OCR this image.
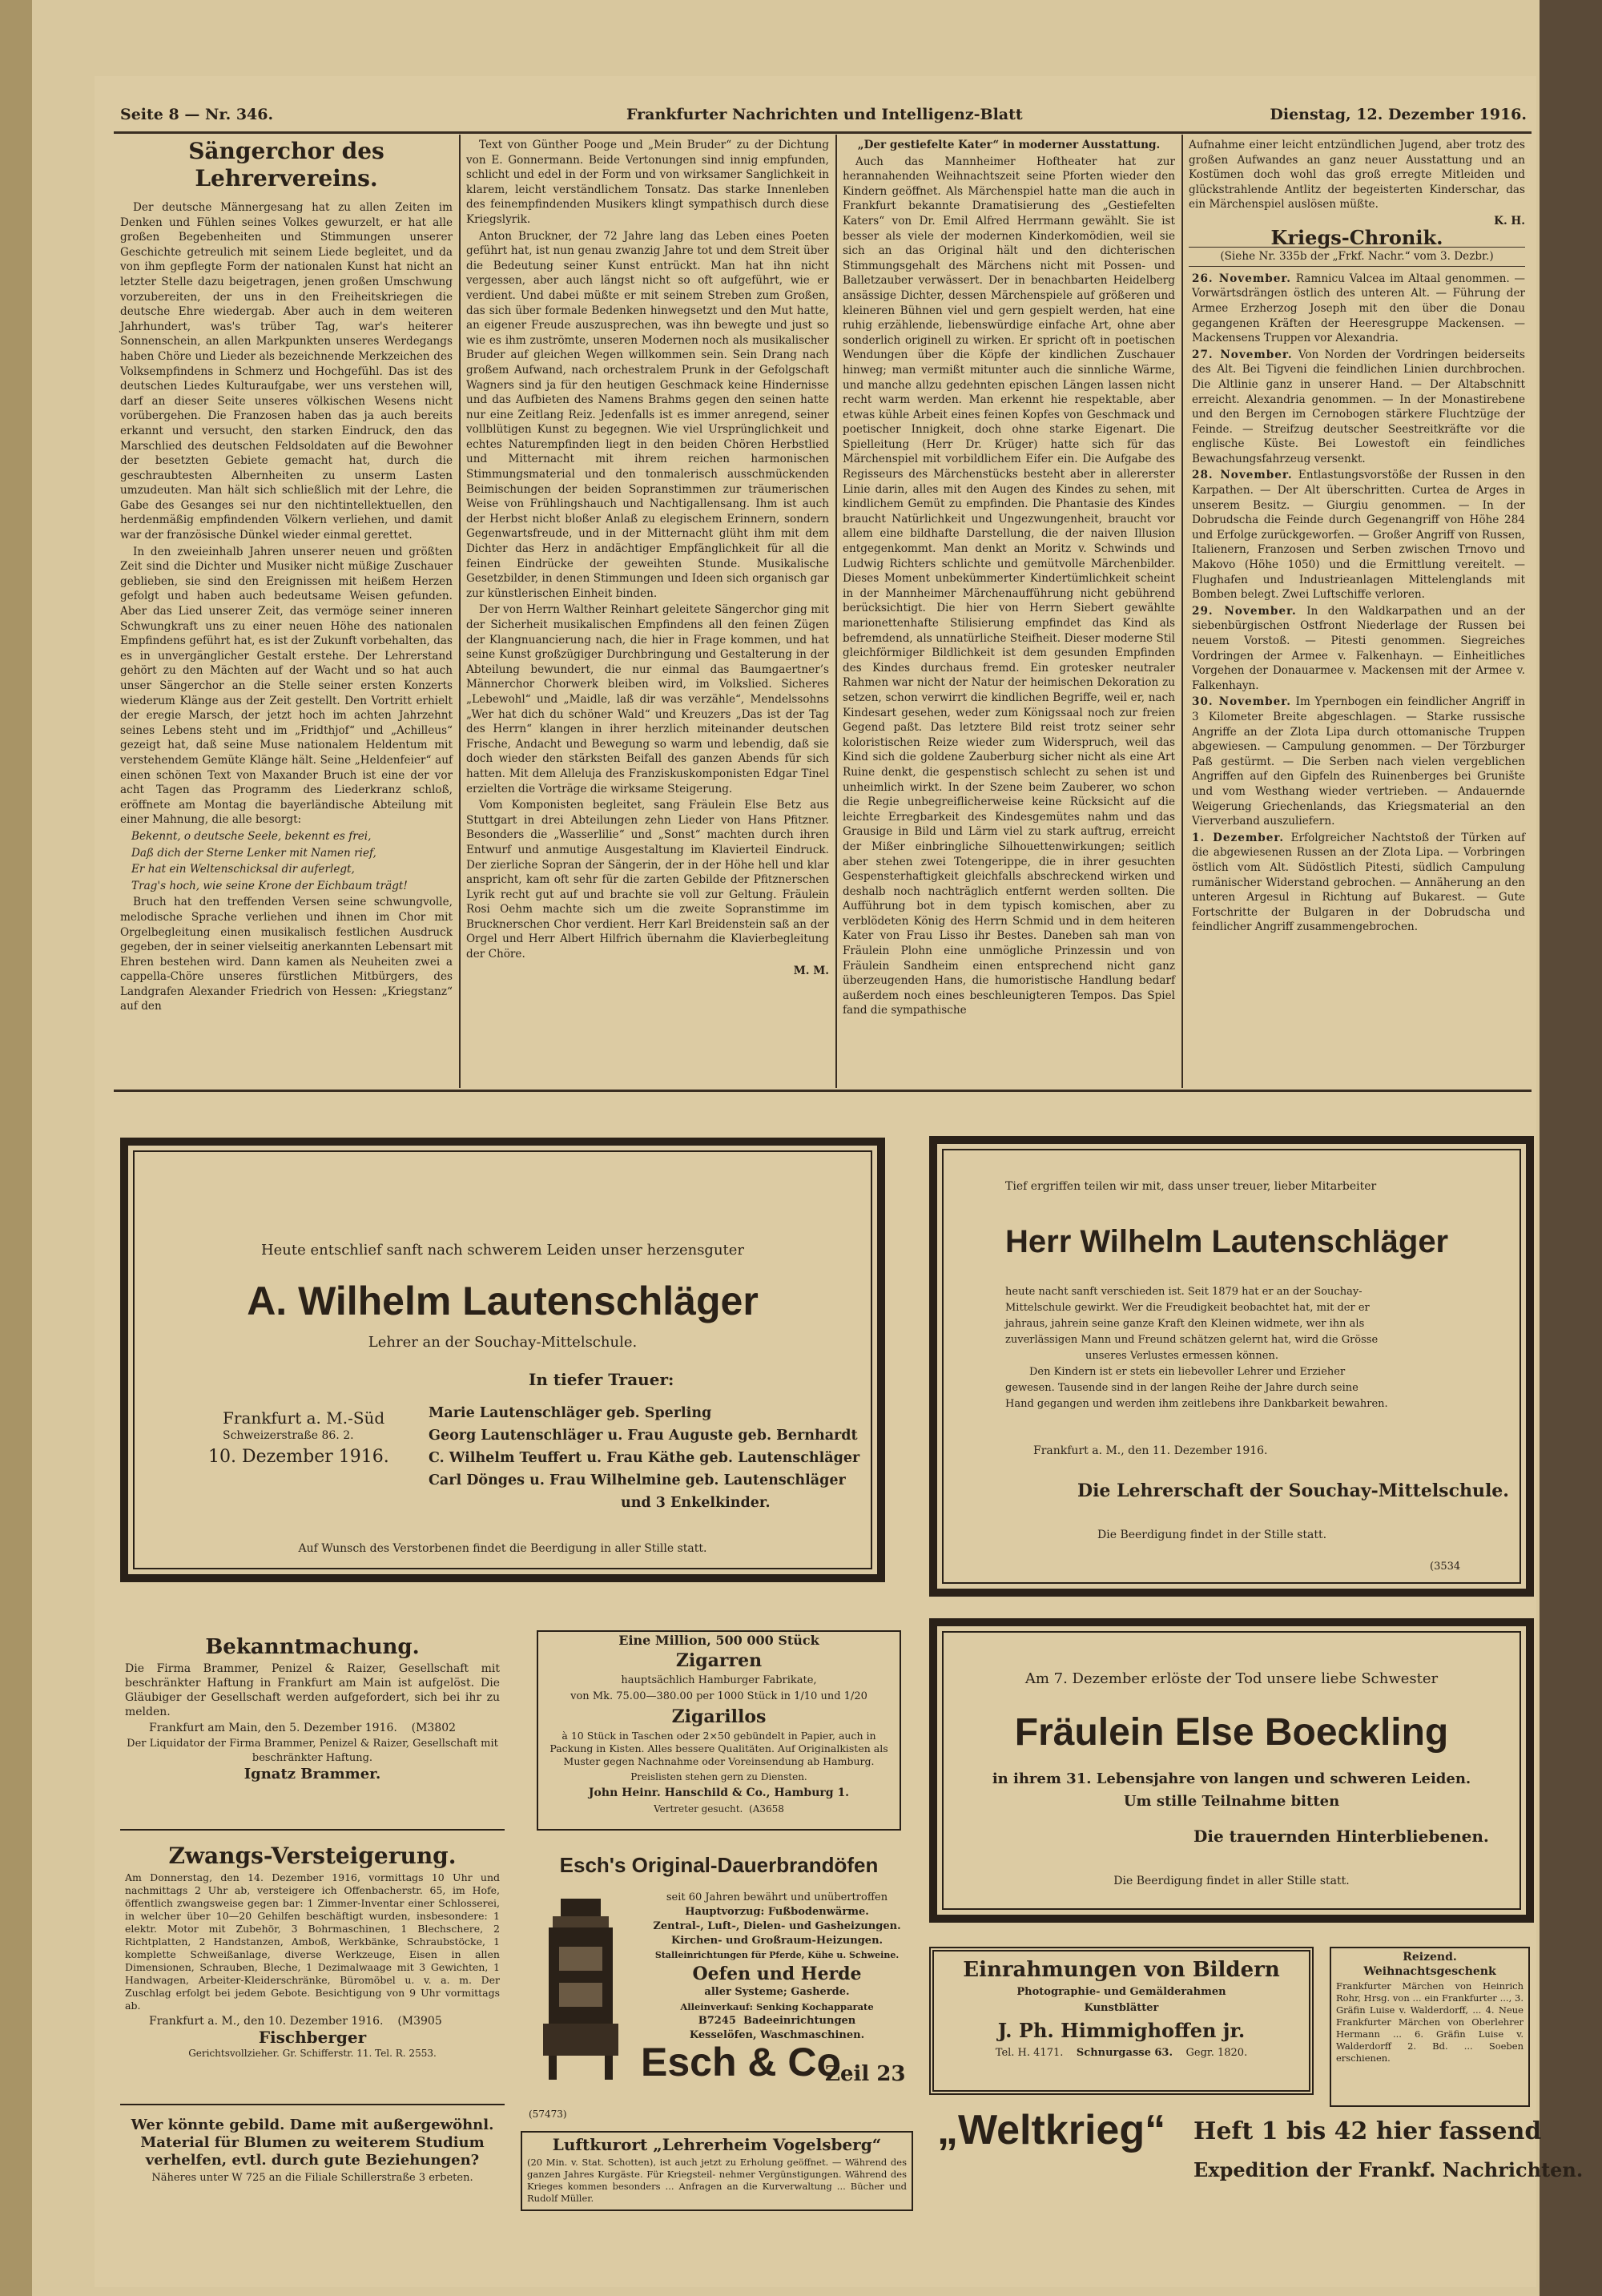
Seite 8 — Nr. 346.	Frankfurter Nachrichten und Intelligenz-Blatt	Dienstag, 12. Dezember 1916.
Sängerchor des Lehrervereins.

Der deutsche Männergesang hat zu allen Zeiten im Denken und Fühlen seines Volkes gewurzelt, er hat alle großen Begebenheiten und Stimmungen unserer Geschichte getreulich mit seinem Liede begleitet, und da von ihm gepflegte Form der nationalen Kunst hat nicht an letzter Stelle dazu beigetragen, jenen großen Umschwung vorzubereiten, der uns in den Freiheitskriegen die deutsche Ehre wiedergab. Aber auch in dem weiteren Jahrhundert, was's trüber Tag, war's heiterer Sonnenschein, an allen Markpunkten unseres Werdegangs haben Chöre und Lieder als bezeichnende Merkzeichen des Volksempfindens in Schmerz und Hochgefühl. Das ist des deutschen Liedes Kulturaufgabe, wer uns verstehen will, darf an dieser Seite unseres völkischen Wesens nicht vorübergehen. Die Franzosen haben das ja auch bereits erkannt und versucht, den starken Eindruck, den das Marschlied des deutschen Feldsoldaten auf die Bewohner der besetzten Gebiete gemacht hat, durch die geschraubtesten Albernheiten zu unserm Lasten umzudeuten. Man hält sich schließlich mit der Lehre, die Gabe des Gesanges sei nur den nichtintellektuellen, den herdenmäßig empfindenden Völkern verliehen, und damit war der französische Dünkel wieder einmal gerettet.

In den zweieinhalb Jahren unserer neuen und größten Zeit sind die Dichter und Musiker nicht müßige Zuschauer geblieben, sie sind den Ereignissen mit heißem Herzen gefolgt und haben auch bedeutsame Weisen gefunden. Aber das Lied unserer Zeit, das vermöge seiner inneren Schwungkraft uns zu einer neuen Höhe des nationalen Empfindens geführt hat, es ist der Zukunft vorbehalten, das es in unvergänglicher Gestalt erstehe. Der Lehrerstand gehört zu den Mächten auf der Wacht und so hat auch unser Sängerchor an die Stelle seiner ersten Konzerts wiederum Klänge aus der Zeit gestellt. Den Vortritt erhielt der eregie Marsch, der jetzt hoch im achten Jahrzehnt seines Lebens steht und im „Fridthjof“ und „Achilleus“ gezeigt hat, daß seine Muse nationalem Heldentum mit verstehendem Gemüte Klänge hält. Seine „Heldenfeier“ auf einen schönen Text von Maxander Bruch ist eine der vor acht Tagen das Programm des Liederkranz schloß, eröffnete am Montag die bayerländische Abteilung mit einer Mahnung, die alle besorgt:

Bekennt, o deutsche Seele, bekennt es frei,

Daß dich der Sterne Lenker mit Namen rief,

Er hat ein Weltenschicksal dir auferlegt,

Trag's hoch, wie seine Krone der Eichbaum trägt!

Bruch hat den treffenden Versen seine schwungvolle, melodische Sprache verliehen und ihnen im Chor mit Orgelbegleitung einen musikalisch festlichen Ausdruck gegeben, der in seiner vielseitig anerkannten Lebensart mit Ehren bestehen wird. Dann kamen als Neuheiten zwei a cappella-Chöre unseres fürstlichen Mitbürgers, des Landgrafen Alexander Friedrich von Hessen: „Kriegstanz“ auf den

Text von Günther Pooge und „Mein Bruder“ zu der Dichtung von E. Gonnermann. Beide Vertonungen sind innig empfunden, schlicht und edel in der Form und von wirksamer Sanglichkeit in klarem, leicht verständlichem Tonsatz. Das starke Innenleben des feinempfindenden Musikers klingt sympathisch durch diese Kriegslyrik.

Anton Bruckner, der 72 Jahre lang das Leben eines Poeten geführt hat, ist nun genau zwanzig Jahre tot und dem Streit über die Bedeutung seiner Kunst entrückt. Man hat ihn nicht vergessen, aber auch längst nicht so oft aufgeführt, wie er verdient. Und dabei müßte er mit seinem Streben zum Großen, das sich über formale Bedenken hinwegsetzt und den Mut hatte, an eigener Freude auszusprechen, was ihn bewegte und just so wie es ihm zuströmte, unseren Modernen noch als musikalischer Bruder auf gleichen Wegen willkommen sein. Sein Drang nach großem Aufwand, nach orchestralem Prunk in der Gefolgschaft Wagners sind ja für den heutigen Geschmack keine Hindernisse und das Aufbieten des Namens Brahms gegen den seinen hatte nur eine Zeitlang Reiz. Jedenfalls ist es immer anregend, seiner vollblütigen Kunst zu begegnen. Wie viel Ursprünglichkeit und echtes Naturempfinden liegt in den beiden Chören Herbstlied und Mitternacht mit ihrem reichen harmonischen Stimmungsmaterial und den tonmalerisch ausschmückenden Beimischungen der beiden Sopranstimmen zur träumerischen Weise von Frühlingshauch und Nachtigallensang. Ihm ist auch der Herbst nicht bloßer Anlaß zu elegischem Erinnern, sondern Gegenwartsfreude, und in der Mitternacht glüht ihm mit dem Dichter das Herz in andächtiger Empfänglichkeit für all die feinen Eindrücke der geweihten Stunde. Musikalische Gesetzbilder, in denen Stimmungen und Ideen sich organisch gar zur künstlerischen Einheit binden.

Der von Herrn Walther Reinhart geleitete Sängerchor ging mit der Sicherheit musikalischen Empfindens all den feinen Zügen der Klangnuancierung nach, die hier in Frage kommen, und hat seine Kunst großzügiger Durchbringung und Gestalterung in der Abteilung bewundert, die nur einmal das Baumgaertner’s Männerchor Chorwerk bleiben wird, im Volkslied. Sicheres „Lebewohl“ und „Maidle, laß dir was verzähle“, Mendelssohns „Wer hat dich du schöner Wald“ und Kreuzers „Das ist der Tag des Herrn“ klangen in ihrer herzlich miteinander deutschen Frische, Andacht und Bewegung so warm und lebendig, daß sie doch wieder den stärksten Beifall des ganzen Abends für sich hatten. Mit dem Alleluja des Franziskuskomponisten Edgar Tinel erzielten die Vorträge die wirksame Steigerung.

Vom Komponisten begleitet, sang Fräulein Else Betz aus Stuttgart in drei Abteilungen zehn Lieder von Hans Pfitzner. Besonders die „Wasserlilie“ und „Sonst“ machten durch ihren Entwurf und anmutige Ausgestaltung im Klavierteil Eindruck. Der zierliche Sopran der Sängerin, der in der Höhe hell und klar anspricht, kam oft sehr für die zarten Gebilde der Pfitznerschen Lyrik recht gut auf und brachte sie voll zur Geltung. Fräulein Rosi Oehm machte sich um die zweite Sopranstimme im Brucknerschen Chor verdient. Herr Karl Breidenstein saß an der Orgel und Herr Albert Hilfrich übernahm die Klavierbegleitung der Chöre.

M. M.

„Der gestiefelte Kater“ in moderner Ausstattung.

Auch das Mannheimer Hoftheater hat zur herannahenden Weihnachtszeit seine Pforten wieder den Kindern geöffnet. Als Märchenspiel hatte man die auch in Frankfurt bekannte Dramatisierung des „Gestiefelten Katers“ von Dr. Emil Alfred Herrmann gewählt. Sie ist besser als viele der modernen Kinderkomödien, weil sie sich an das Original hält und den dichterischen Stimmungsgehalt des Märchens nicht mit Possen- und Balletzauber verwässert. Der in benachbarten Heidelberg ansässige Dichter, dessen Märchenspiele auf größeren und kleineren Bühnen viel und gern gespielt werden, hat eine ruhig erzählende, liebenswürdige einfache Art, ohne aber sonderlich originell zu wirken. Er spricht oft in poetischen Wendungen über die Köpfe der kindlichen Zuschauer hinweg; man vermißt mitunter auch die sinnliche Wärme, und manche allzu gedehnten epischen Längen lassen nicht recht warm werden. Man erkennt hie respektable, aber etwas kühle Arbeit eines feinen Kopfes von Geschmack und poetischer Innigkeit, doch ohne starke Eigenart. Die Spielleitung (Herr Dr. Krüger) hatte sich für das Märchenspiel mit vorbildlichem Eifer ein. Die Aufgabe des Regisseurs des Märchenstücks besteht aber in allererster Linie darin, alles mit den Augen des Kindes zu sehen, mit kindlichem Gemüt zu empfinden. Die Phantasie des Kindes braucht Natürlichkeit und Ungezwungenheit, braucht vor allem eine bildhafte Darstellung, die der naiven Illusion entgegenkommt. Man denkt an Moritz v. Schwinds und Ludwig Richters schlichte und gemütvolle Märchenbilder. Dieses Moment unbekümmerter Kindertümlichkeit scheint in der Mannheimer Märchenaufführung nicht gebührend berücksichtigt. Die hier von Herrn Siebert gewählte marionettenhafte Stilisierung empfindet das Kind als befremdend, als unnatürliche Steifheit. Dieser moderne Stil gleichförmiger Bildlichkeit ist dem gesunden Empfinden des Kindes durchaus fremd. Ein grotesker neutraler Rahmen war nicht der Natur der heimischen Dekoration zu setzen, schon verwirrt die kindlichen Begriffe, weil er, nach Kindesart gesehen, weder zum Königssaal noch zur freien Gegend paßt. Das letztere Bild reist trotz seiner sehr koloristischen Reize wieder zum Widerspruch, weil das Kind sich die goldene Zauberburg sicher nicht als eine Art Ruine denkt, die gespenstisch schlecht zu sehen ist und unheimlich wirkt. In der Szene beim Zauberer, wo schon die Regie unbegreiflicherweise keine Rücksicht auf die leichte Erregbarkeit des Kindesgemütes nahm und das Grausige in Bild und Lärm viel zu stark auftrug, erreicht der Mißer einbringliche Silhouettenwirkungen; seitlich aber stehen zwei Totengerippe, die in ihrer gesuchten Gespensterhaftigkeit gleichfalls abschreckend wirken und deshalb noch nachträglich entfernt werden sollten. Die Aufführung bot in dem typisch komischen, aber zu verblödeten König des Herrn Schmid und in dem heiteren Kater von Frau Lisso ihr Bestes. Daneben sah man von Fräulein Plohn eine unmögliche Prinzessin und von Fräulein Sandheim einen entsprechend nicht ganz überzeugenden Hans, die humoristische Handlung bedarf außerdem noch eines beschleunigteren Tempos. Das Spiel fand die sympathische

Aufnahme einer leicht entzündlichen Jugend, aber trotz des großen Aufwandes an ganz neuer Ausstattung und an Kostümen doch wohl das groß erregte Mitleiden und glückstrahlende Antlitz der begeisterten Kinderschar, das ein Märchenspiel auslösen müßte.

K. H.

Kriegs-Chronik.

(Siehe Nr. 335b der „Frkf. Nachr.“ vom 3. Dezbr.)

26. November. Ramnicu Valcea im Altaal genommen. — Vorwärtsdrängen östlich des unteren Alt. — Führung der Armee Erzherzog Joseph mit den über die Donau gegangenen Kräften der Heeresgruppe Mackensen. — Mackensens Truppen vor Alexandria.

27. November. Von Norden der Vordringen beiderseits des Alt. Bei Tigveni die feindlichen Linien durchbrochen. Die Altlinie ganz in unserer Hand. — Der Altabschnitt erreicht. Alexandria genommen. — In der Monastirebene und den Bergen im Cernobogen stärkere Fluchtzüge der Feinde. — Streifzug deutscher Seestreitkräfte vor die englische Küste. Bei Lowestoft ein feindliches Bewachungsfahrzeug versenkt.

28. November. Entlastungsvorstöße der Russen in den Karpathen. — Der Alt überschritten. Curtea de Arges in unserem Besitz. — Giurgiu genommen. — In der Dobrudscha die Feinde durch Gegenangriff von Höhe 284 und Erfolge zurückgeworfen. — Großer Angriff von Russen, Italienern, Franzosen und Serben zwischen Trnovo und Makovo (Höhe 1050) und die Ermittlung vereitelt. — Flughafen und Industrieanlagen Mittelenglands mit Bomben belegt. Zwei Luftschiffe verloren.

29. November. In den Waldkarpathen und an der siebenbürgischen Ostfront Niederlage der Russen bei neuem Vorstoß. — Pitesti genommen. Siegreiches Vordringen der Armee v. Falkenhayn. — Einheitliches Vorgehen der Donauarmee v. Mackensen mit der Armee v. Falkenhayn.

30. November. Im Ypernbogen ein feindlicher Angriff in 3 Kilometer Breite abgeschlagen. — Starke russische Angriffe an der Zlota Lipa durch ottomanische Truppen abgewiesen. — Campulung genommen. — Der Törzburger Paß gestürmt. — Die Serben nach vielen vergeblichen Angriffen auf den Gipfeln des Ruinenberges bei Grunište und vom Westhang wieder vertrieben. — Andauernde Weigerung Griechenlands, das Kriegsmaterial an den Vierverband auszuliefern.

1. Dezember. Erfolgreicher Nachtstoß der Türken auf die abgewiesenen Russen an der Zlota Lipa. — Vorbringen östlich vom Alt. Südöstlich Pitesti, südlich Campulung rumänischer Widerstand gebrochen. — Annäherung an den unteren Argesul in Richtung auf Bukarest. — Gute Fortschritte der Bulgaren in der Dobrudscha und feindlicher Angriff zusammengebrochen.

Heute entschlief sanft nach schwerem Leiden unser herzensguter
A. Wilhelm Lautenschläger
Lehrer an der Souchay-Mittelschule.
In tiefer Trauer:
Frankfurt a. M.-Süd
Schweizerstraße 86. 2.
10. Dezember 1916.
Marie Lautenschläger geb. Sperling
Georg Lautenschläger u. Frau Auguste geb. Bernhardt
C. Wilhelm Teuffert u. Frau Käthe geb. Lautenschläger
Carl Dönges u. Frau Wilhelmine geb. Lautenschläger
und 3 Enkelkinder.
Auf Wunsch des Verstorbenen findet die Beerdigung in aller Stille statt.
Tief ergriffen teilen wir mit, dass unser treuer, lieber Mitarbeiter
Herr Wilhelm Lautenschläger
heute nacht sanft verschieden ist. Seit 1879 hat er an der Souchay-
Mittelschule gewirkt. Wer die Freudigkeit beobachtet hat, mit der er
jahraus, jahrein seine ganze Kraft den Kleinen widmete, wer ihn als
zuverlässigen Mann und Freund schätzen gelernt hat, wird die Grösse
unseres Verlustes ermessen können.
Den Kindern ist er stets ein liebevoller Lehrer und Erzieher
gewesen. Tausende sind in der langen Reihe der Jahre durch seine
Hand gegangen und werden ihm zeitlebens ihre Dankbarkeit bewahren.
Frankfurt a. M., den 11. Dezember 1916.
Die Lehrerschaft der Souchay-Mittelschule.
Die Beerdigung findet in der Stille statt.
(3534
Am 7. Dezember erlöste der Tod unsere liebe Schwester
Fräulein Else Boeckling
in ihrem 31. Lebensjahre von langen und schweren Leiden.
Um stille Teilnahme bitten
Die trauernden Hinterbliebenen.
Die Beerdigung findet in aller Stille statt.

Bekanntmachung.

Die Firma Brammer, Penizel & Raizer, Gesellschaft mit beschränkter Haftung in Frankfurt am Main ist aufgelöst. Die Gläubiger der Gesellschaft werden aufgefordert, sich bei ihr zu melden.

Frankfurt am Main, den 5. Dezember 1916. (M3802

Der Liquidator der Firma Brammer, Penizel & Raizer, Gesellschaft mit beschränkter Haftung.

Ignatz Brammer.

Zwangs-Versteigerung.

Am Donnerstag, den 14. Dezember 1916, vormittags 10 Uhr und nachmittags 2 Uhr ab, versteigere ich Offenbacherstr. 65, im Hofe, öffentlich zwangsweise gegen bar: 1 Zimmer-Inventar einer Schlosserei, in welcher über 10—20 Gehilfen beschäftigt wurden, insbesondere: 1 elektr. Motor mit Zubehör, 3 Bohrmaschinen, 1 Blechschere, 2 Richtplatten, 2 Handstanzen, Amboß, Werkbänke, Schraubstöcke, 1 komplette Schweißanlage, diverse Werkzeuge, Eisen in allen Dimensionen, Schrauben, Bleche, 1 Dezimalwaage mit 3 Gewichten, 1 Handwagen, Arbeiter-Kleiderschränke, Büromöbel u. v. a. m. Der Zuschlag erfolgt bei jedem Gebote. Besichtigung von 9 Uhr vormittags ab.

Frankfurt a. M., den 10. Dezember 1916. (M3905

Fischberger

Gerichtsvollzieher. Gr. Schifferstr. 11. Tel. R. 2553.

Wer könnte gebild. Dame mit außergewöhnl. Material für Blumen zu weiterem Studium verhelfen, evtl. durch gute Beziehungen?

Näheres unter W 725 an die Filiale Schillerstraße 3 erbeten.

Eine Million, 500 000 Stück

Zigarren

hauptsächlich Hamburger Fabrikate,

von Mk. 75.00—380.00 per 1000 Stück in 1/10 und 1/20

Zigarillos

à 10 Stück in Taschen oder 2×50 gebündelt in Papier, auch in Packung in Kisten. Alles bessere Qualitäten. Auf Originalkisten als Muster gegen Nachnahme oder Voreinsendung ab Hamburg.

Preislisten stehen gern zu Diensten.

John Heinr. Hanschild & Co., Hamburg 1.

Vertreter gesucht. (A3658

Esch's Original-Dauerbrandöfen

seit 60 Jahren bewährt und unübertroffen
Hauptvorzug: Fußbodenwärme.
Zentral-, Luft-, Dielen- und Gasheizungen.
Kirchen- und Großraum-Heizungen.
Stalleinrichtungen für Pferde, Kühe u. Schweine.
Oefen und Herde
aller Systeme; Gasherde.
Alleinverkauf: Senking Kochapparate
B7245 Badeeinrichtungen
Kesselöfen, Waschmaschinen.
Esch & Co
Zeil 23
(57473)

Luftkurort „Lehrerheim Vogelsberg“

(20 Min. v. Stat. Schotten), ist auch jetzt zu Erholung geöffnet. — Während des ganzen Jahres Kurgäste. Für Kriegsteil- nehmer Vergünstigungen. Während des Krieges kommen besonders ... Anfragen an die Kurverwaltung ... Bücher und Rudolf Müller.

Einrahmungen von Bildern

Photographie- und Gemälderahmen

Kunstblätter

J. Ph. Himmighoffen jr.

Tel. H. 4171. Schnurgasse 63. Gegr. 1820.

Reizend. Weihnachtsgeschenk

Frankfurter Märchen von Heinrich Rohr, Hrsg. von ... ein Frankfurter ..., 3. Gräfin Luise v. Walderdorff, ... 4. Neue Frankfurter Märchen von Oberlehrer Hermann ... 6. Gräfin Luise v. Walderdorff 2. Bd. ... Soeben erschienen.

„Weltkrieg“ Heft 1 bis 42 hier fassend
Expedition der Frankf. Nachrichten.
